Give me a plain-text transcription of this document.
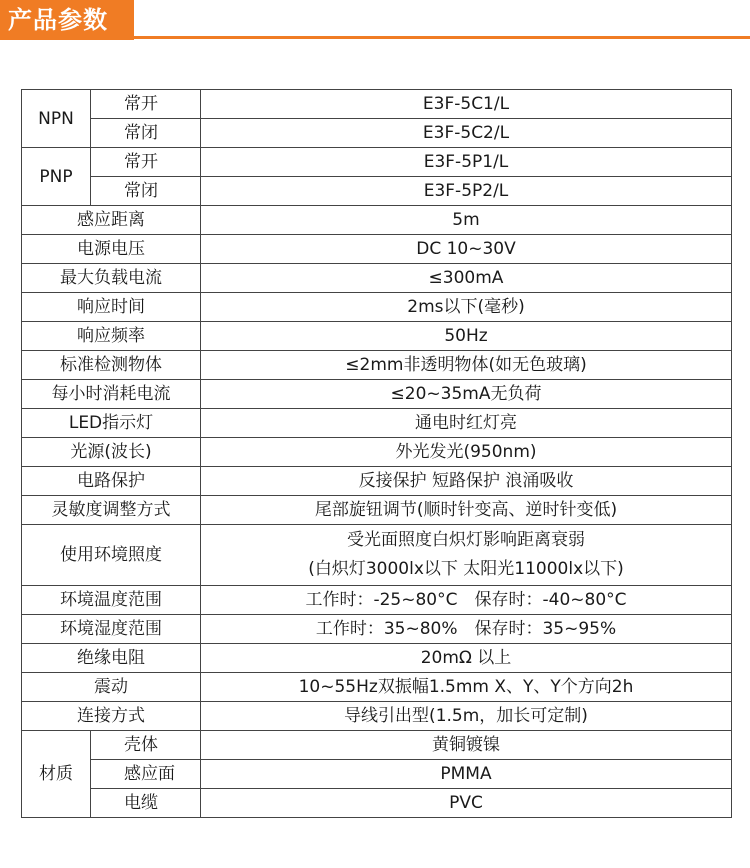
产品参数
NPN	常开	E3F-5C1/L
	常闭	E3F-5C2/L
PNP	常开	E3F-5P1/L
	常闭	E3F-5P2/L
感应距离		5m
电源电压		DC 10~30V
最大负载电流		≤300mA
响应时间		2ms以下(毫秒)
响应频率		50Hz
标准检测物体		≤2mm非透明物体(如无色玻璃)
每小时消耗电流		≤20~35mA无负荷
LED指示灯		通电时红灯亮
光源(波长)		外光发光(950nm)
电路保护		反接保护 短路保护 浪涌吸收
灵敏度调整方式		尾部旋钮调节(顺时针变高、逆时针变低)
使用环境照度		受光面照度白炽灯影响距离衰弱
(白炽灯3000lx以下 太阳光11000lx以下)

环境温度范围		工作时：-25~80°C　保存时：-40~80°C
环境湿度范围		工作时：35~80%　保存时：35~95%
绝缘电阻		20mΩ 以上
震动		10~55Hz双振幅1.5mm X、Y、Y个方向2h
连接方式		导线引出型(1.5m，加长可定制)
材质	壳体	黄铜镀镍
	感应面	PMMA
	电缆	PVC
